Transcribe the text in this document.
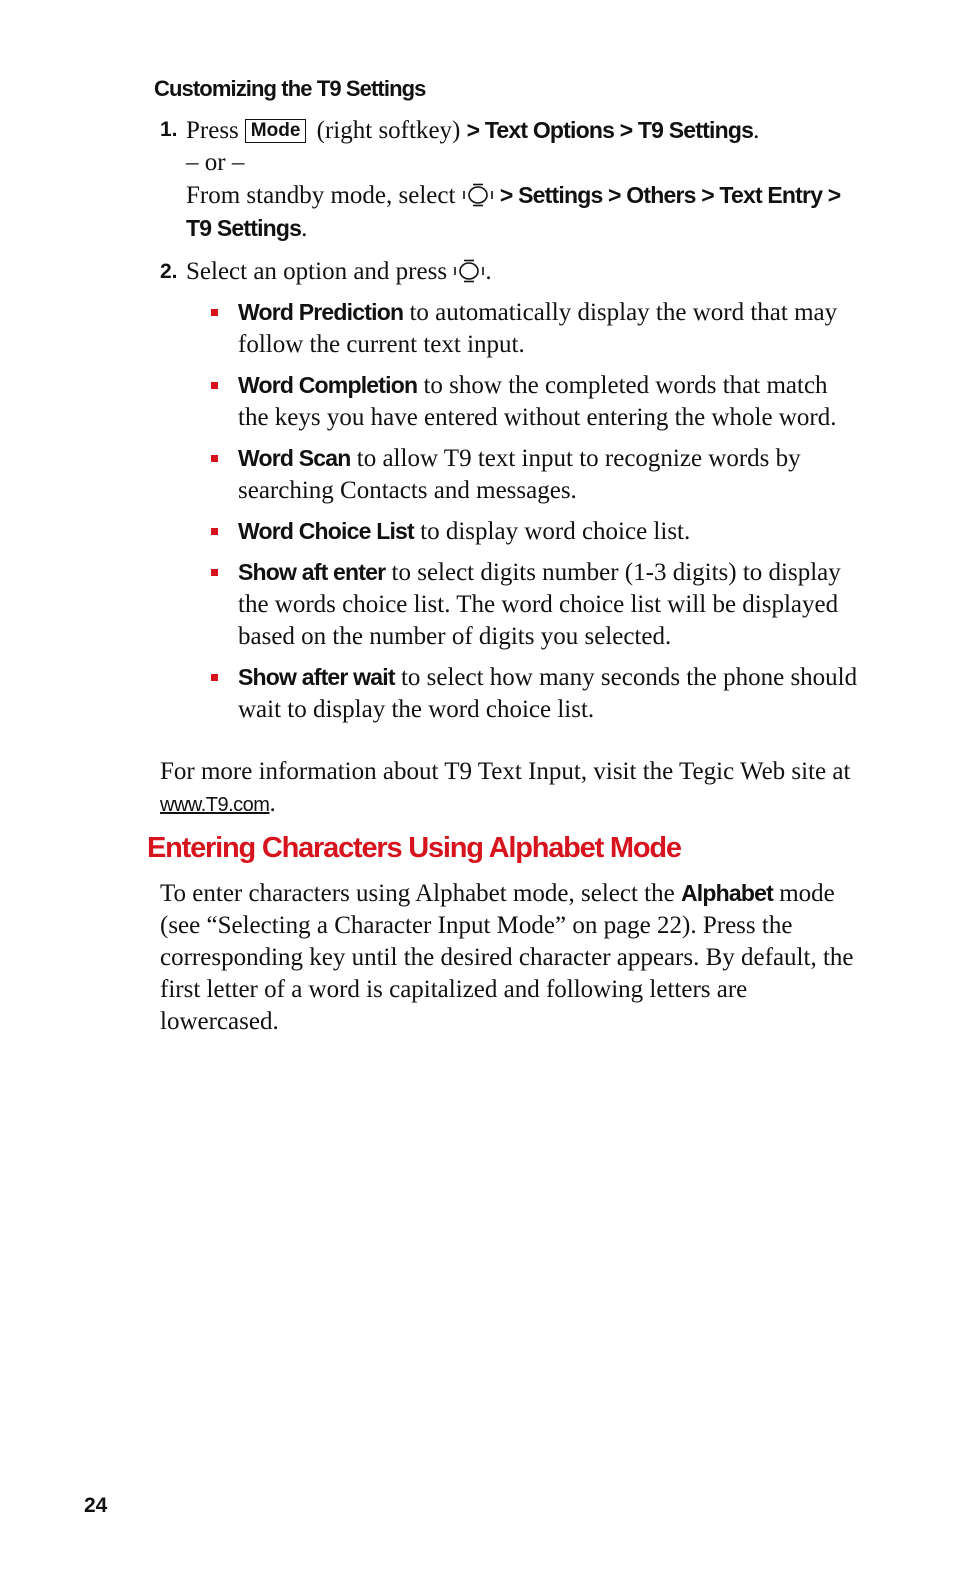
Customizing the T9 Settings
1. Press Mode (right softkey) > Text Options > T9 Settings.
– or –
From standby mode, select > Settings > Others > Text Entry > T9 Settings.
2. Select an option and press .
Word Prediction to automatically display the word that may follow the current text input.
Word Completion to show the completed words that match the keys you have entered without entering the whole word.
Word Scan to allow T9 text input to recognize words by searching Contacts and messages.
Word Choice List to display word choice list.
Show aft enter to select digits number (1-3 digits) to display the words choice list. The word choice list will be displayed based on the number of digits you selected.
Show after wait to select how many seconds the phone should wait to display the word choice list.

For more information about T9 Text Input, visit the Tegic Web site at www.T9.com.

Entering Characters Using Alphabet Mode

To enter characters using Alphabet mode, select the Alphabet mode (see “Selecting a Character Input Mode” on page 22). Press the corresponding key until the desired character appears. By default, the first letter of a word is capitalized and following letters are lowercased.

24
